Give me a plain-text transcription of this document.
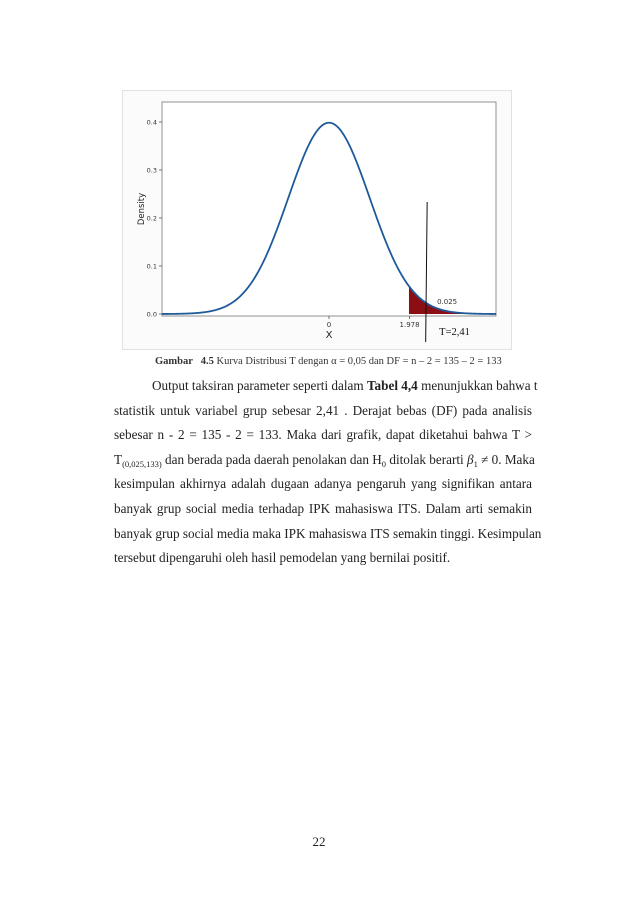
0.0
0.1
0.2
0.3
0.4
0	1.978
Density
X
0.025
T=2,41
Gambar 4.5 Kurva Distribusi T dengan α = 0,05 dan DF = n – 2 = 135 – 2 = 133
Output taksiran parameter seperti dalam Tabel 4,4 menunjukkan bahwa t
statistik untuk variabel grup sebesar 2,41 . Derajat bebas (DF) pada analisis
sebesar n - 2 = 135 - 2 = 133. Maka dari grafik, dapat diketahui bahwa T >
$T_{(0,025,133)}$ dan berada pada daerah penolakan dan $H_0$ ditolak berarti $\beta_1 \ne 0$. Maka
kesimpulan akhirnya adalah dugaan adanya pengaruh yang signifikan antara
banyak grup social media terhadap IPK mahasiswa ITS. Dalam arti semakin
banyak grup social media maka IPK mahasiswa ITS semakin tinggi. Kesimpulan
tersebut dipengaruhi oleh hasil pemodelan yang bernilai positif.
22
